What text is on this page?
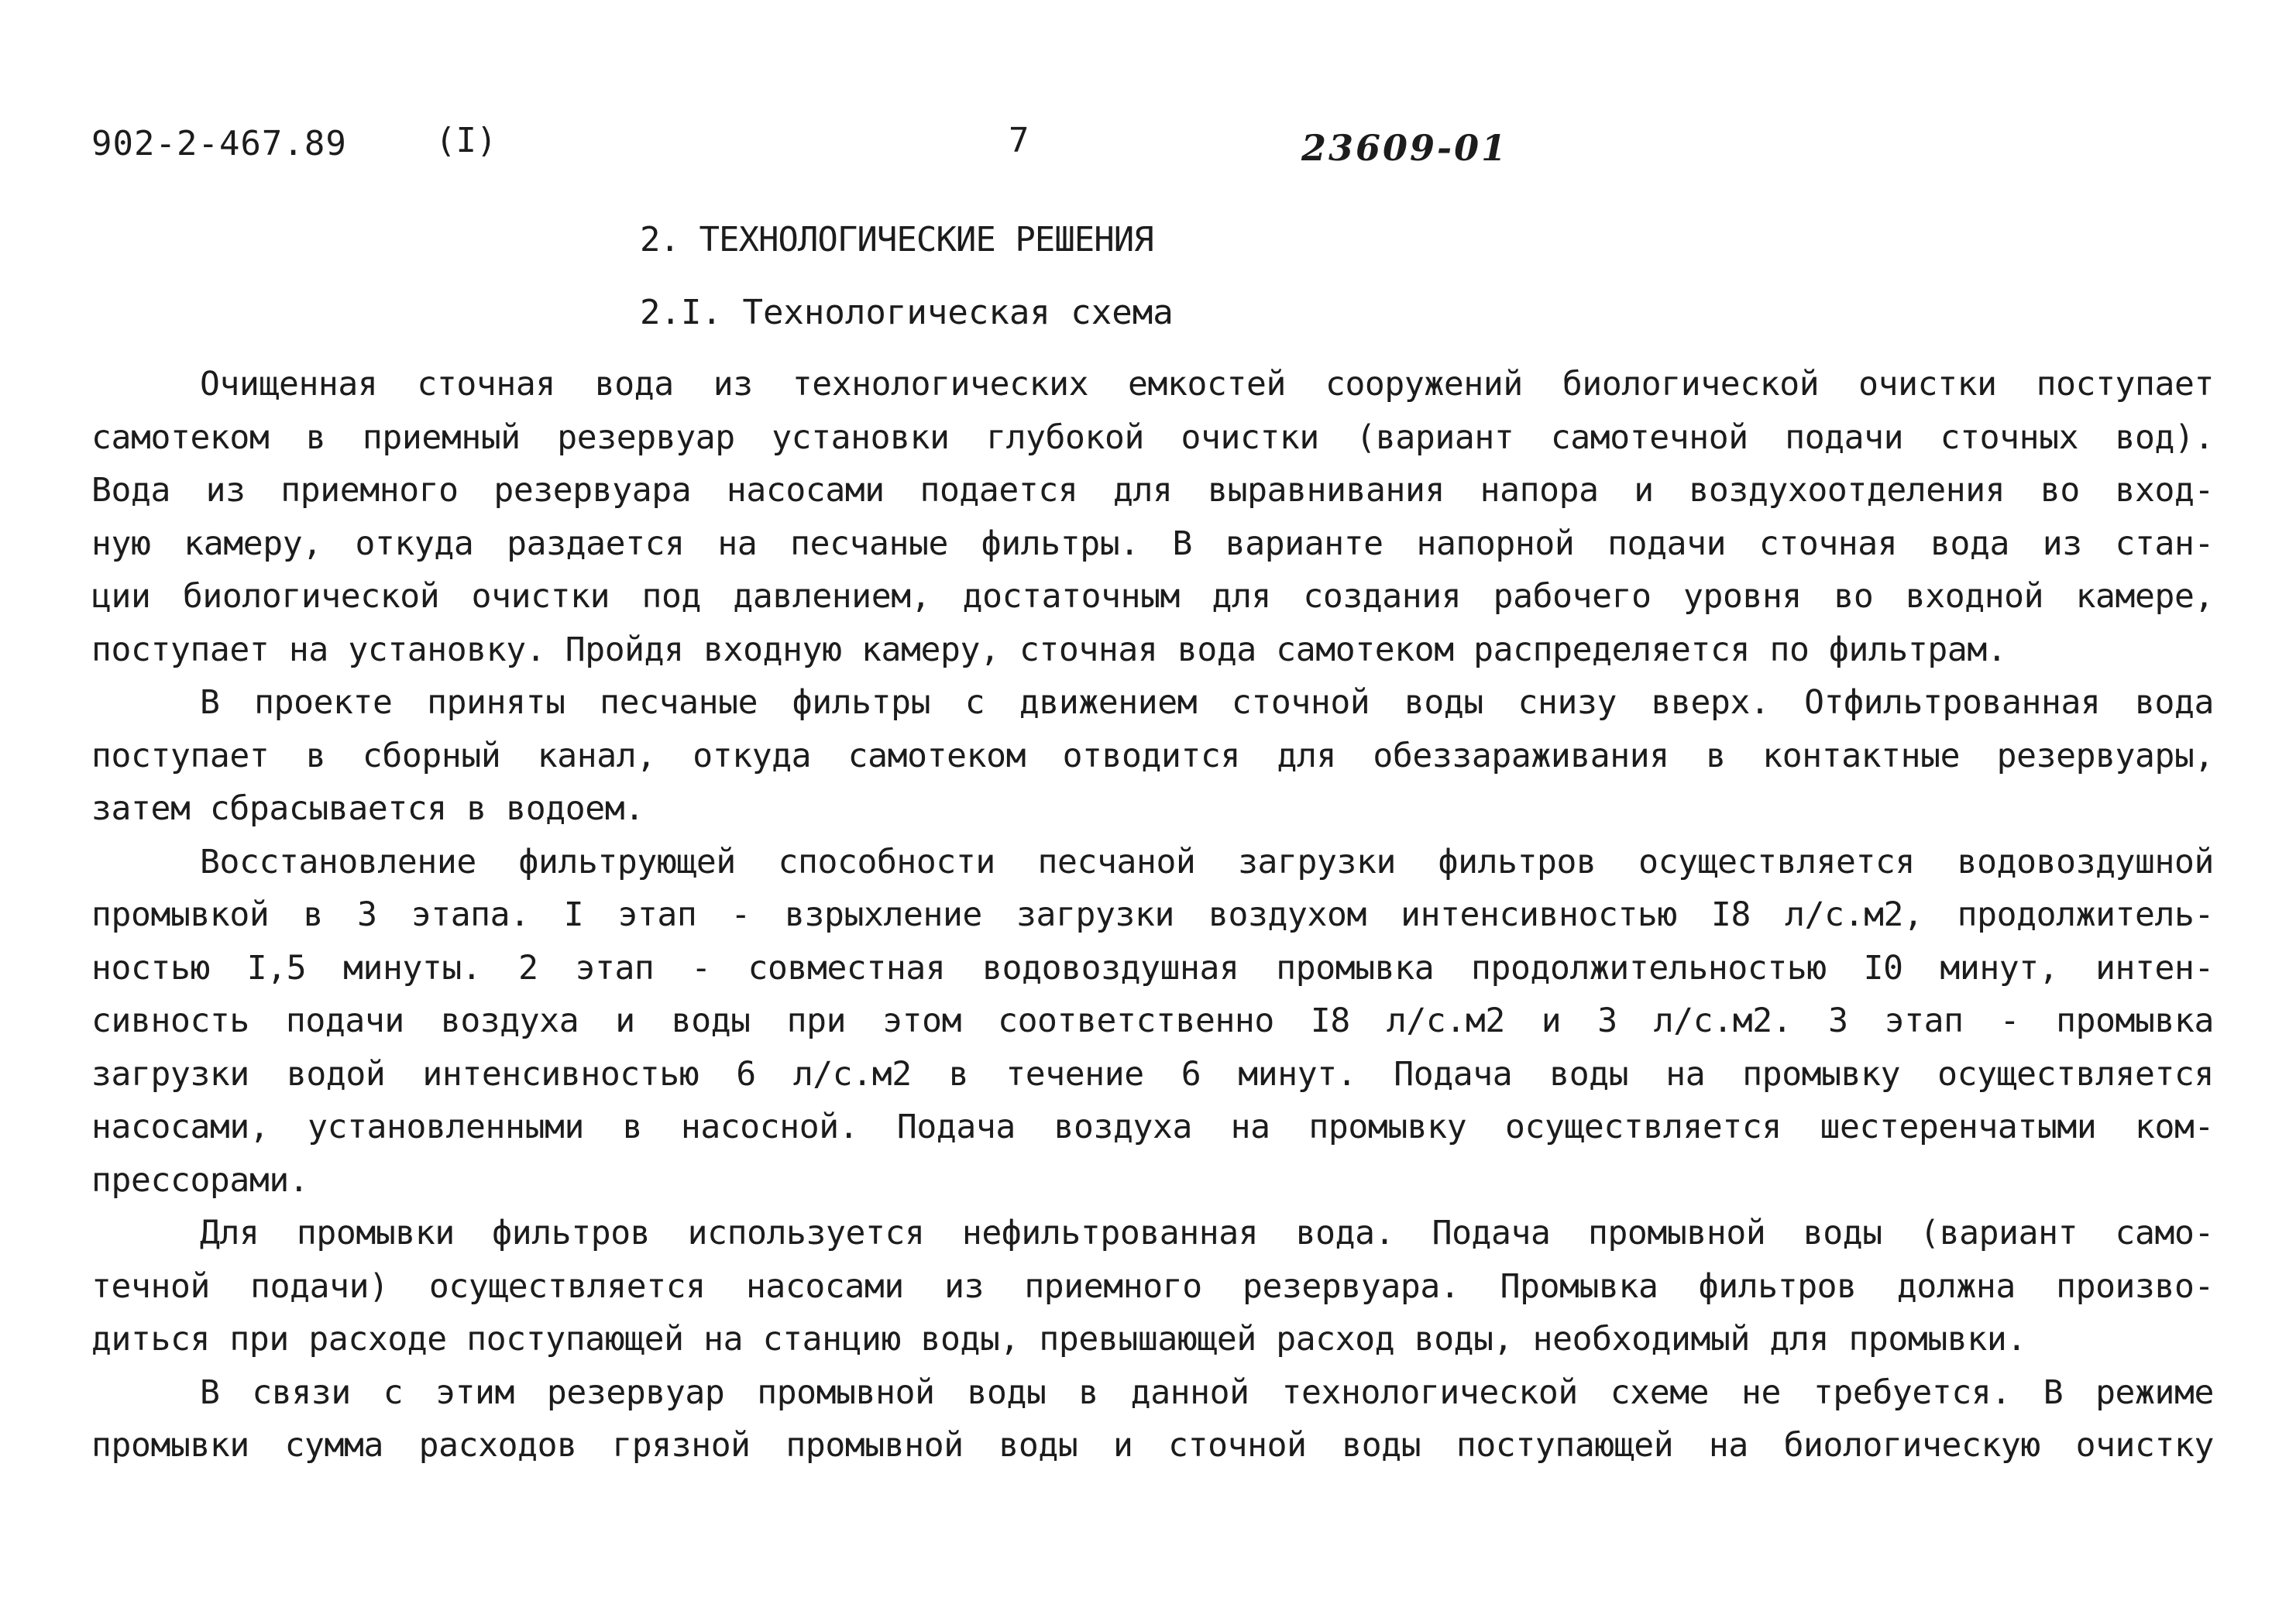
902-2-467.89	(I)	7	23609-01
2. ТЕХНОЛОГИЧЕСКИЕ РЕШЕНИЯ
2.I. Технологическая схема
Очищенная сточная вода из технологических емкостей сооружений биологической очистки поступает
самотеком в приемный резервуар установки глубокой очистки (вариант самотечной подачи сточных вод).
Вода из приемного резервуара насосами подается для выравнивания напора и воздухоотделения во вход-
ную камеру, откуда раздается на песчаные фильтры. В варианте напорной подачи сточная вода из стан-
ции биологической очистки под давлением, достаточным для создания рабочего уровня во входной камере,
поступает на установку. Пройдя входную камеру, сточная вода самотеком распределяется по фильтрам.
В проекте приняты песчаные фильтры с движением сточной воды снизу вверх. Отфильтрованная вода
поступает в сборный канал, откуда самотеком отводится для обеззараживания в контактные резервуары,
затем сбрасывается в водоем.
Восстановление фильтрующей способности песчаной загрузки фильтров осуществляется водовоздушной
промывкой в 3 этапа. I этап - взрыхление загрузки воздухом интенсивностью I8 л/с.м2, продолжитель-
ностью I,5 минуты. 2 этап - совместная водовоздушная промывка продолжительностью I0 минут, интен-
сивность подачи воздуха и воды при этом соответственно I8 л/с.м2 и 3 л/с.м2. 3 этап - промывка
загрузки водой интенсивностью 6 л/с.м2 в течение 6 минут. Подача воды на промывку осуществляется
насосами, установленными в насосной. Подача воздуха на промывку осуществляется шестеренчатыми ком-
прессорами.
Для промывки фильтров используется нефильтрованная вода. Подача промывной воды (вариант само-
течной подачи) осуществляется насосами из приемного резервуара. Промывка фильтров должна произво-
диться при расходе поступающей на станцию воды, превышающей расход воды, необходимый для промывки.
В связи с этим резервуар промывной воды в данной технологической схеме не требуется. В режиме
промывки сумма расходов грязной промывной воды и сточной воды поступающей на биологическую очистку
